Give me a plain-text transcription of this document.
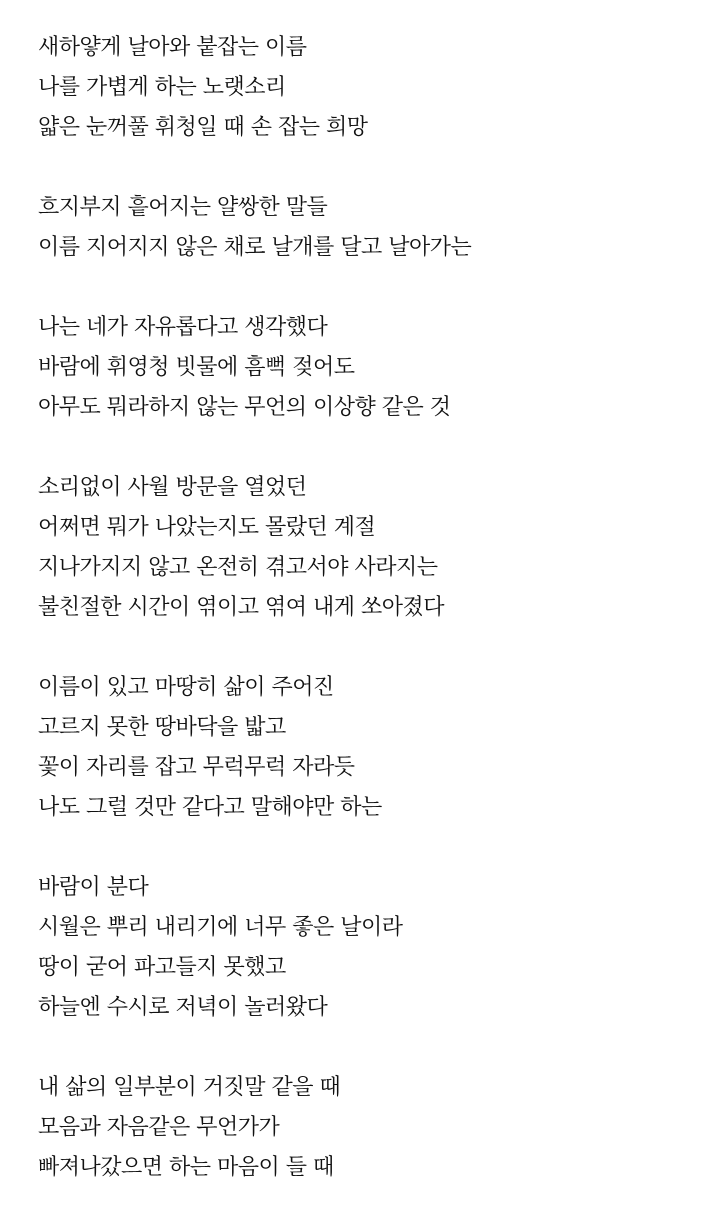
새하얗게 날아와 붙잡는 이름
나를 가볍게 하는 노랫소리
얇은 눈꺼풀 휘청일 때 손 잡는 희망
흐지부지 흩어지는 얄쌍한 말들
이름 지어지지 않은 채로 날개를 달고 날아가는
나는 네가 자유롭다고 생각했다
바람에 휘영청 빗물에 흠뻑 젖어도
아무도 뭐라하지 않는 무언의 이상향 같은 것
소리없이 사월 방문을 열었던
어쩌면 뭐가 나았는지도 몰랐던 계절
지나가지지 않고 온전히 겪고서야 사라지는
불친절한 시간이 엮이고 엮여 내게 쏘아졌다
이름이 있고 마땅히 삶이 주어진
고르지 못한 땅바닥을 밟고
꽃이 자리를 잡고 무럭무럭 자라듯
나도 그럴 것만 같다고 말해야만 하는
바람이 분다
시월은 뿌리 내리기에 너무 좋은 날이라
땅이 굳어 파고들지 못했고
하늘엔 수시로 저녁이 놀러왔다
내 삶의 일부분이 거짓말 같을 때
모음과 자음같은 무언가가
빠져나갔으면 하는 마음이 들 때
